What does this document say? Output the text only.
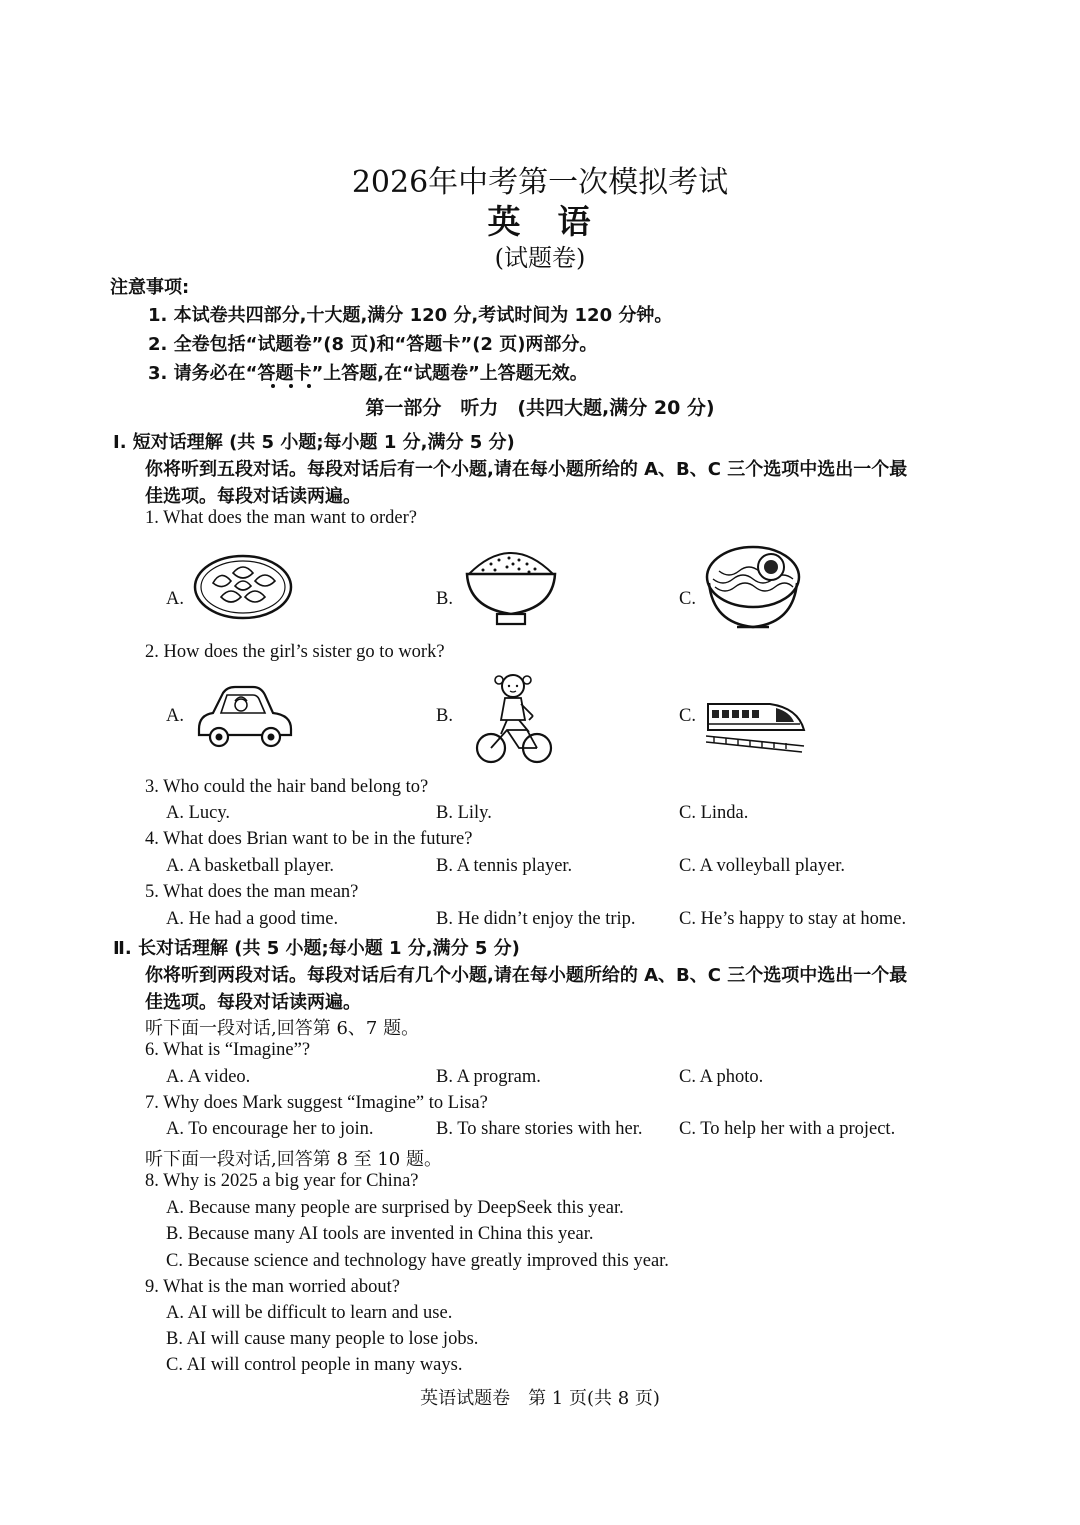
2026年中考第一次模拟考试
英　语
(试题卷)
注意事项:
1. 本试卷共四部分,十大题,满分 120 分,考试时间为 120 分钟。
2. 全卷包括“试题卷”(8 页)和“答题卡”(2 页)两部分。
3. 请务必在“答题卡”上答题,在“试题卷”上答题无效。
第一部分　听力　(共四大题,满分 20 分)
Ⅰ. 短对话理解 (共 5 小题;每小题 1 分,满分 5 分)
你将听到五段对话。每段对话后有一个小题,请在每小题所给的 A、B、C 三个选项中选出一个最
佳选项。每段对话读两遍。
1. What does the man want to order?
A.	B.	C.
2. How does the girl’s sister go to work?
A.	B.	C.
3. Who could the hair band belong to?
A. Lucy.	B. Lily.	C. Linda.
4. What does Brian want to be in the future?
A. A basketball player.	B. A tennis player.	C. A volleyball player.
5. What does the man mean?
A. He had a good time.	B. He didn’t enjoy the trip. C. He’s happy to stay at home.
Ⅱ. 长对话理解 (共 5 小题;每小题 1 分,满分 5 分)
你将听到两段对话。每段对话后有几个小题,请在每小题所给的 A、B、C 三个选项中选出一个最
佳选项。每段对话读两遍。
听下面一段对话,回答第 6、7 题。
6. What is “Imagine”?
A. A video.	B. A program.	C. A photo.
7. Why does Mark suggest “Imagine” to Lisa?
A. To encourage her to join.	B. To share stories with her. C. To help her with a project.
听下面一段对话,回答第 8 至 10 题。
8. Why is 2025 a big year for China?
A. Because many people are surprised by DeepSeek this year.
B. Because many AI tools are invented in China this year.
C. Because science and technology have greatly improved this year.
9. What is the man worried about?
A. AI will be difficult to learn and use.
B. AI will cause many people to lose jobs.
C. AI will control people in many ways.
英语试题卷　第 1 页(共 8 页)
